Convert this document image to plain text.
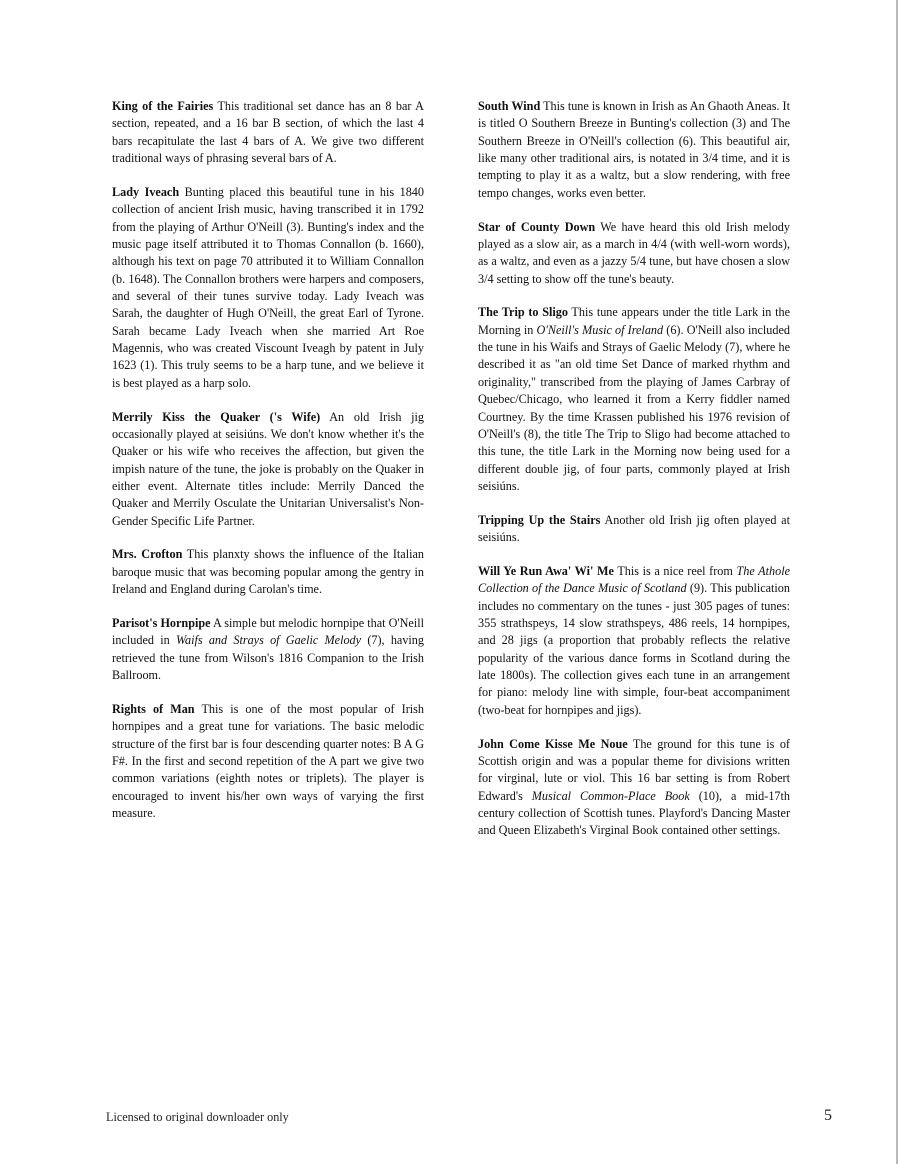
King of the Fairies This traditional set dance has an 8 bar A section, repeated, and a 16 bar B section, of which the last 4 bars recapitulate the last 4 bars of A. We give two different traditional ways of phrasing several bars of A.

Lady Iveach Bunting placed this beautiful tune in his 1840 collection of ancient Irish music, having transcribed it in 1792 from the playing of Arthur O'Neill (3). Bunting's index and the music page itself attributed it to Thomas Connallon (b. 1660), although his text on page 70 attributed it to William Connallon (b. 1648). The Connallon brothers were harpers and composers, and several of their tunes survive today. Lady Iveach was Sarah, the daughter of Hugh O'Neill, the great Earl of Tyrone. Sarah became Lady Iveach when she married Art Roe Magennis, who was created Viscount Iveagh by patent in July 1623 (1). This truly seems to be a harp tune, and we believe it is best played as a harp solo.

Merrily Kiss the Quaker ('s Wife) An old Irish jig occasionally played at seisiúns. We don't know whether it's the Quaker or his wife who receives the affection, but given the impish nature of the tune, the joke is probably on the Quaker in either event. Alternate titles include: Merrily Danced the Quaker and Merrily Osculate the Unitarian Universalist's Non-Gender Specific Life Partner.

Mrs. Crofton This planxty shows the influence of the Italian baroque music that was becoming popular among the gentry in Ireland and England during Carolan's time.

Parisot's Hornpipe A simple but melodic hornpipe that O'Neill included in Waifs and Strays of Gaelic Melody (7), having retrieved the tune from Wilson's 1816 Companion to the Irish Ballroom.

Rights of Man This is one of the most popular of Irish hornpipes and a great tune for variations. The basic melodic structure of the first bar is four descending quarter notes: B A G F#. In the first and second repetition of the A part we give two common variations (eighth notes or triplets). The player is encouraged to invent his/her own ways of varying the first measure.

South Wind This tune is known in Irish as An Ghaoth Aneas. It is titled O Southern Breeze in Bunting's collection (3) and The Southern Breeze in O'Neill's collection (6). This beautiful air, like many other traditional airs, is notated in 3/4 time, and it is tempting to play it as a waltz, but a slow rendering, with free tempo changes, works even better.

Star of County Down We have heard this old Irish melody played as a slow air, as a march in 4/4 (with well-worn words), as a waltz, and even as a jazzy 5/4 tune, but have chosen a slow 3/4 setting to show off the tune's beauty.

The Trip to Sligo This tune appears under the title Lark in the Morning in O'Neill's Music of Ireland (6). O'Neill also included the tune in his Waifs and Strays of Gaelic Melody (7), where he described it as "an old time Set Dance of marked rhythm and originality," transcribed from the playing of James Carbray of Quebec/Chicago, who learned it from a Kerry fiddler named Courtney. By the time Krassen published his 1976 revision of O'Neill's (8), the title The Trip to Sligo had become attached to this tune, the title Lark in the Morning now being used for a different double jig, of four parts, commonly played at Irish seisiúns.

Tripping Up the Stairs Another old Irish jig often played at seisiúns.

Will Ye Run Awa' Wi' Me This is a nice reel from The Athole Collection of the Dance Music of Scotland (9). This publication includes no commentary on the tunes - just 305 pages of tunes: 355 strathspeys, 14 slow strathspeys, 486 reels, 14 hornpipes, and 28 jigs (a proportion that probably reflects the relative popularity of the various dance forms in Scotland during the late 1800s). The collection gives each tune in an arrangement for piano: melody line with simple, four-beat accompaniment (two-beat for hornpipes and jigs).

John Come Kisse Me Noue The ground for this tune is of Scottish origin and was a popular theme for divisions written for virginal, lute or viol. This 16 bar setting is from Robert Edward's Musical Common-Place Book (10), a mid-17th century collection of Scottish tunes. Playford's Dancing Master and Queen Elizabeth's Virginal Book contained other settings.

Licensed to original downloader only	5
